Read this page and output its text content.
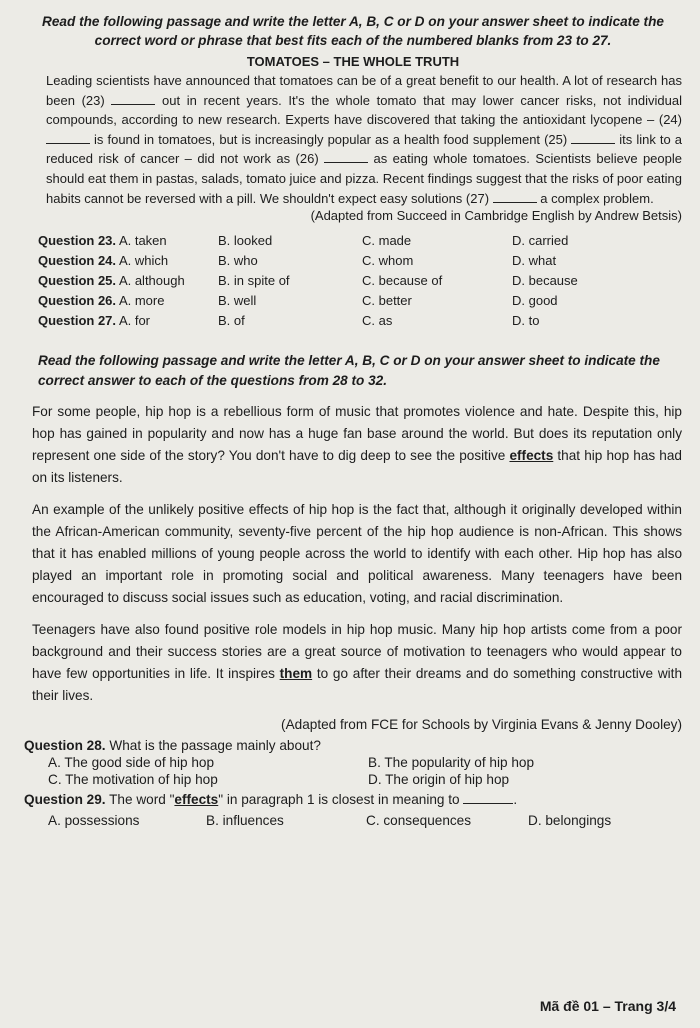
Read the following passage and write the letter A, B, C or D on your answer sheet to indicate the correct word or phrase that best fits each of the numbered blanks from 23 to 27.

TOMATOES – THE WHOLE TRUTH

Leading scientists have announced that tomatoes can be of a great benefit to our health. A lot of research has been (23)	out in recent years. It's the whole tomato that may lower cancer risks, not individual compounds, according to new research. Experts have discovered that taking the antioxidant lycopene – (24)  is found in tomatoes, but is increasingly popular as a health food supplement (25)	its link to a reduced risk of cancer – did not work as (26)	as eating whole tomatoes. Scientists believe people should eat them in pastas, salads, tomato juice and pizza. Recent findings suggest that the risks of poor eating habits cannot be reversed with a pill. We shouldn't expect easy solutions (27)	a complex problem.

(Adapted from Succeed in Cambridge English by Andrew Betsis)

Question 23. A. taken	B. looked	C. made	D. carried
Question 24. A. which	B. who	C. whom	D. what
Question 25. A. although	B. in spite of	C. because of	D. because
Question 26. A. more	B. well	C. better	D. good
Question 27. A. for	B. of	C. as	D. to

Read the following passage and write the letter A, B, C or D on your answer sheet to indicate the correct answer to each of the questions from 28 to 32.

For some people, hip hop is a rebellious form of music that promotes violence and hate. Despite this, hip hop has gained in popularity and now has a huge fan base around the world. But does its reputation only represent one side of the story? You don't have to dig deep to see the positive effects that hip hop has had on its listeners.

An example of the unlikely positive effects of hip hop is the fact that, although it originally developed within the African-American community, seventy-five percent of the hip hop audience is non-African. This shows that it has enabled millions of young people across the world to identify with each other. Hip hop has also played an important role in promoting social and political awareness. Many teenagers have been encouraged to discuss social issues such as education, voting, and racial discrimination.

Teenagers have also found positive role models in hip hop music. Many hip hop artists come from a poor background and their success stories are a great source of motivation to teenagers who would appear to have few opportunities in life. It inspires them to go after their dreams and do something constructive with their lives.

(Adapted from FCE for Schools by Virginia Evans & Jenny Dooley)

Question 28. What is the passage mainly about?
A. The good side of hip hop	B. The popularity of hip hop
C. The motivation of hip hop	D. The origin of hip hop
Question 29. The word "effects" in paragraph 1 is closest in meaning to	.
A. possessions	B. influences	C. consequences	D. belongings
Mã đề 01 – Trang 3/4
